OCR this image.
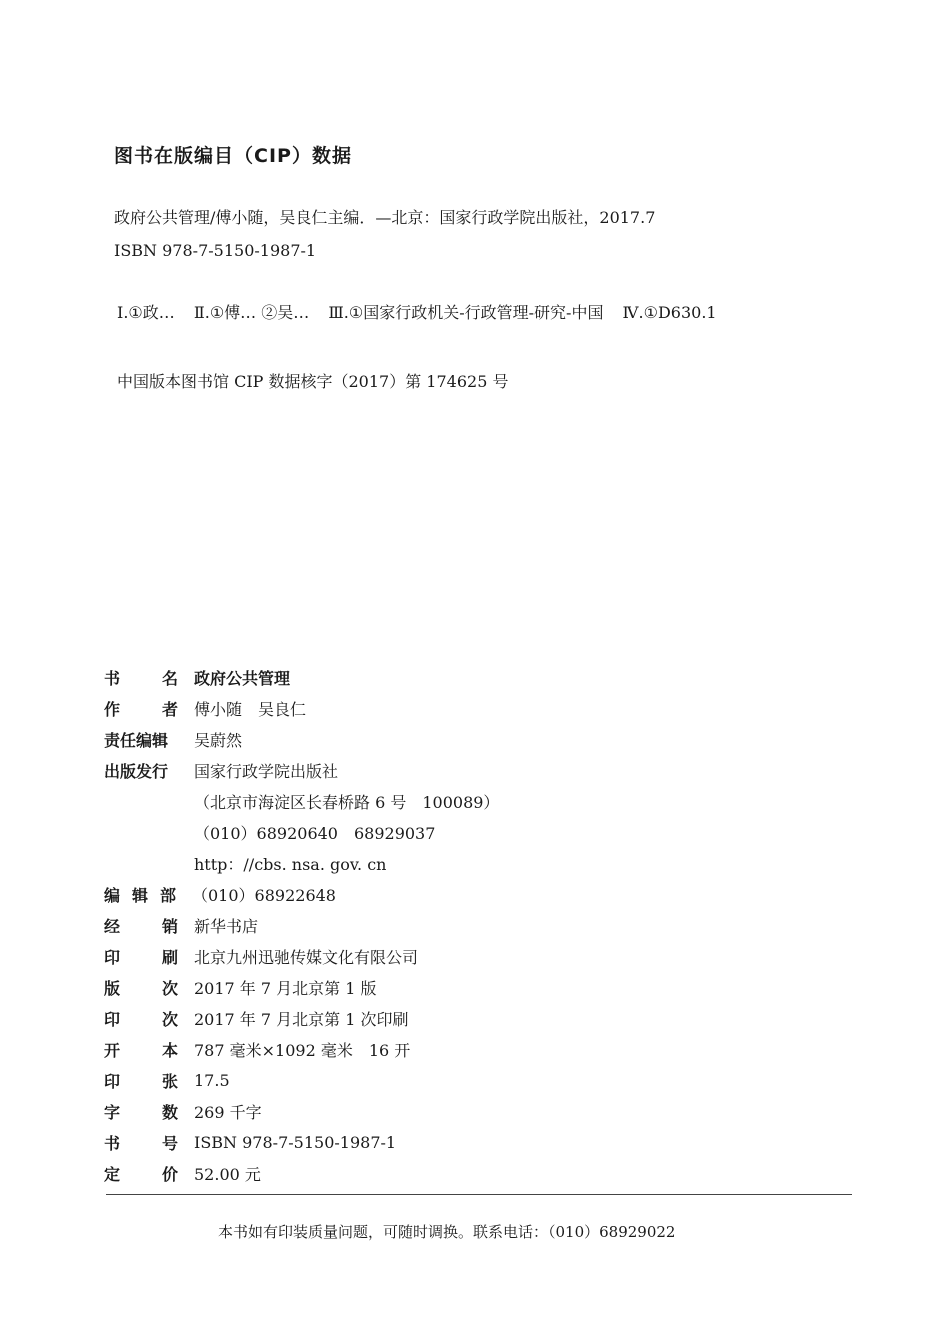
图书在版编目（CIP）数据
政府公共管理/傅小随，吴良仁主编．—北京：国家行政学院出版社，2017.7
ISBN 978-7-5150-1987-1
Ⅰ.①政… Ⅱ.①傅… ②吴… Ⅲ.①国家行政机关-行政管理-研究-中国 Ⅳ.①D630.1
中国版本图书馆 CIP 数据核字（2017）第 174625 号
书	名 政府公共管理
作	者 傅小随　吴良仁
责任编辑	吴蔚然
出版发行	国家行政学院出版社
（北京市海淀区长春桥路 6 号　100089）
（010）68920640　68929037
http：//cbs. nsa. gov. cn
编 辑 部 （010）68922648
经	销 新华书店
印	刷 北京九州迅驰传媒文化有限公司
版	次 2017 年 7 月北京第 1 版
印	次 2017 年 7 月北京第 1 次印刷
开	本 787 毫米×1092 毫米　16 开
印	张 17.5
字	数 269 千字
书	号 ISBN 978-7-5150-1987-1
定	价 52.00 元
本书如有印装质量问题，可随时调换。联系电话：（010）68929022
